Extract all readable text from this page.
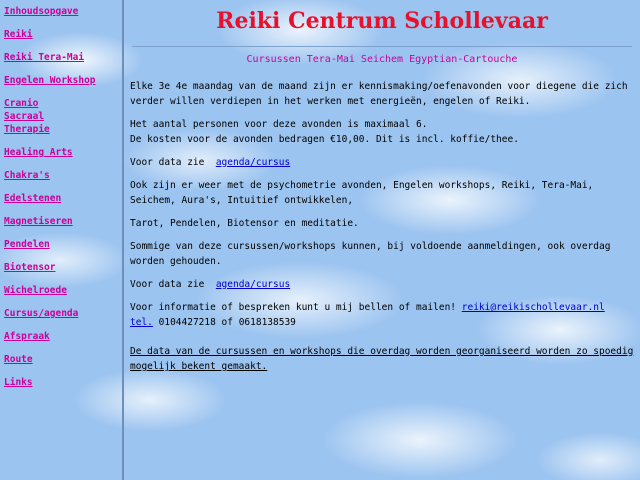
Inhoudsopgave
Reiki
Reiki Tera-Mai
Engelen Workshop
Cranio Sacraal Therapie
Healing Arts
Chakra's
Edelstenen
Magnetiseren
Pendelen
Biotensor
Wichelroede
Cursus/agenda
Afspraak
Route
Links
Reiki Centrum Schollevaar
Cursussen Tera-Mai Seichem Egyptian-Cartouche

Elke 3e 4e maandag van de maand zijn er kennismaking/oefenavonden voor diegene die zich verder willen verdiepen in het werken met energieën, engelen of Reiki.

Het aantal personen voor deze avonden is maximaal 6.
De kosten voor de avonden bedragen €10,00. Dit is incl. koffie/thee.

Voor data zie agenda/cursus

Ook zijn er weer met de psychometrie avonden, Engelen workshops, Reiki, Tera-Mai, Seichem, Aura's, Intuitief ontwikkelen,

Tarot, Pendelen, Biotensor en meditatie.

Sommige van deze cursussen/workshops kunnen, bij voldoende aanmeldingen, ook overdag worden gehouden.

Voor data zie agenda/cursus

Voor informatie of bespreken kunt u mij bellen of mailen! reiki@reikischollevaar.nl
tel. 0104427218 of 0618138539

De data van de cursussen en workshops die overdag worden georganiseerd worden zo spoedig mogelijk bekent gemaakt.
